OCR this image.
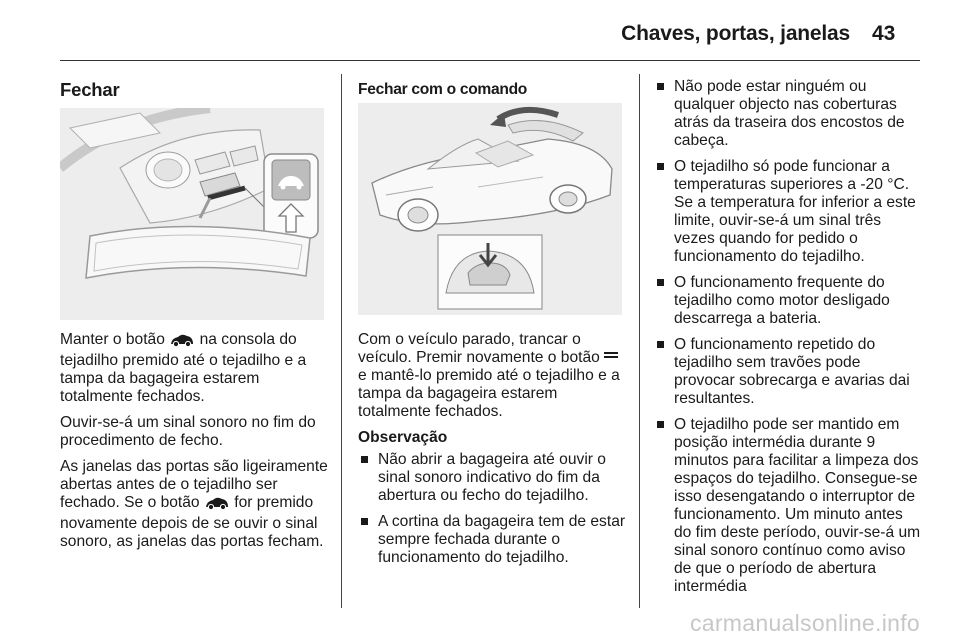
Chaves, portas, janelas 43
Fechar

Manter o botão na consola do tejadilho premido até o tejadilho e a tampa da bagageira estarem totalmente fechados.

Ouvir-se-á um sinal sonoro no fim do procedimento de fecho.

As janelas das portas são ligeiramente abertas antes de o tejadilho ser fechado. Se o botão for premido novamente depois de se ouvir o sinal sonoro, as janelas das portas fecham.

Fechar com o comando

Com o veículo parado, trancar o veículo. Premir novamente o botão
e mantê-lo premido até o tejadilho e a tampa da bagageira estarem totalmente fechados.

Observação
Não abrir a bagageira até ouvir o sinal sonoro indicativo do fim da abertura ou fecho do tejadilho.
A cortina da bagageira tem de estar sempre fechada durante o funcionamento do tejadilho.
Não pode estar ninguém ou qualquer objecto nas coberturas atrás da traseira dos encostos de cabeça.
O tejadilho só pode funcionar a temperaturas superiores a -20 °C. Se a temperatura for inferior a este limite, ouvir-se-á um sinal três vezes quando for pedido o funcionamento do tejadilho.
O funcionamento frequente do tejadilho como motor desligado descarrega a bateria.
O funcionamento repetido do tejadilho sem travões pode provocar sobrecarga e avarias dai resultantes.
O tejadilho pode ser mantido em posição intermédia durante 9 minutos para facilitar a limpeza dos espaços do tejadilho. Consegue-se isso desengatando o interruptor de funcionamento. Um minuto antes do fim deste período, ouvir-se-á um sinal sonoro contínuo como aviso de que o período de abertura intermédia
carmanualsonline.info
